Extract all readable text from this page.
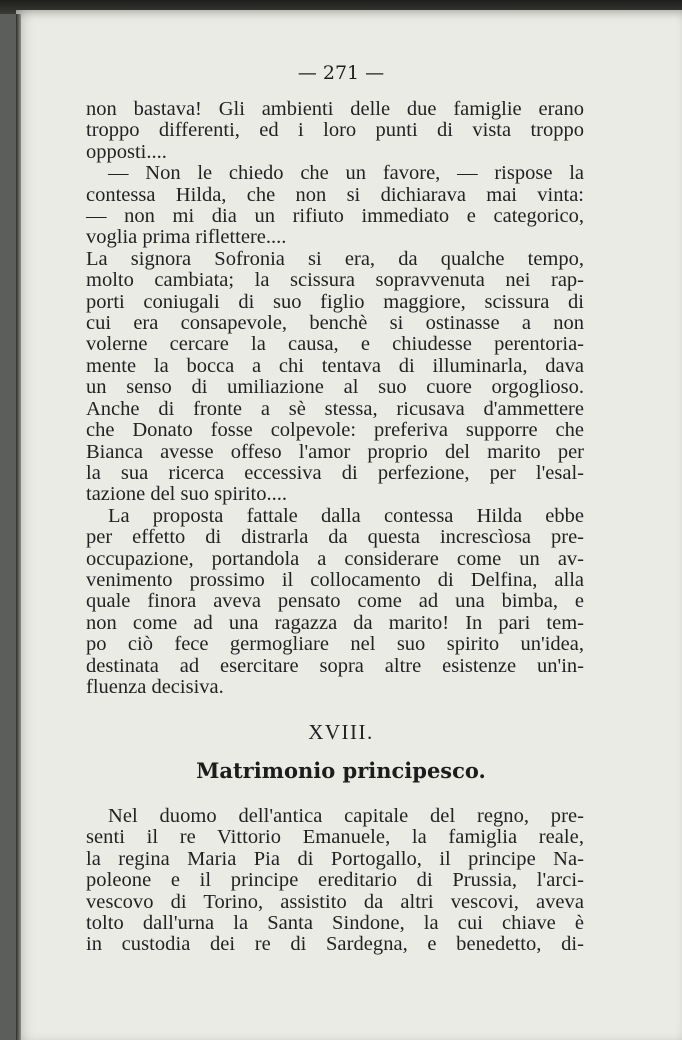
— 271 —
non bastava! Gli ambienti delle due famiglie erano
troppo differenti, ed i loro punti di vista troppo
opposti....
— Non le chiedo che un favore, — rispose la
contessa Hilda, che non si dichiarava mai vinta:
— non mi dia un rifiuto immediato e categorico,
voglia prima riflettere....
La signora Sofronia si era, da qualche tempo,
molto cambiata; la scissura sopravvenuta nei rap-
porti coniugali di suo figlio maggiore, scissura di
cui era consapevole, benchè si ostinasse a non
volerne cercare la causa, e chiudesse perentoria-
mente la bocca a chi tentava di illuminarla, dava
un senso di umiliazione al suo cuore orgoglioso.
Anche di fronte a sè stessa, ricusava d'ammettere
che Donato fosse colpevole: preferiva supporre che
Bianca avesse offeso l'amor proprio del marito per
la sua ricerca eccessiva di perfezione, per l'esal-
tazione del suo spirito....
La proposta fattale dalla contessa Hilda ebbe
per effetto di distrarla da questa increscìosa pre-
occupazione, portandola a considerare come un av-
venimento prossimo il collocamento di Delfina, alla
quale finora aveva pensato come ad una bimba, e
non come ad una ragazza da marito! In pari tem-
po ciò fece germogliare nel suo spirito un'idea,
destinata ad esercitare sopra altre esistenze un'in-
fluenza decisiva.
XVIII.
Matrimonio principesco.
Nel duomo dell'antica capitale del regno, pre-
senti il re Vittorio Emanuele, la famiglia reale,
la regina Maria Pia di Portogallo, il principe Na-
poleone e il principe ereditario di Prussia, l'arci-
vescovo di Torino, assistito da altri vescovi, aveva
tolto dall'urna la Santa Sindone, la cui chiave è
in custodia dei re di Sardegna, e benedetto, di-
